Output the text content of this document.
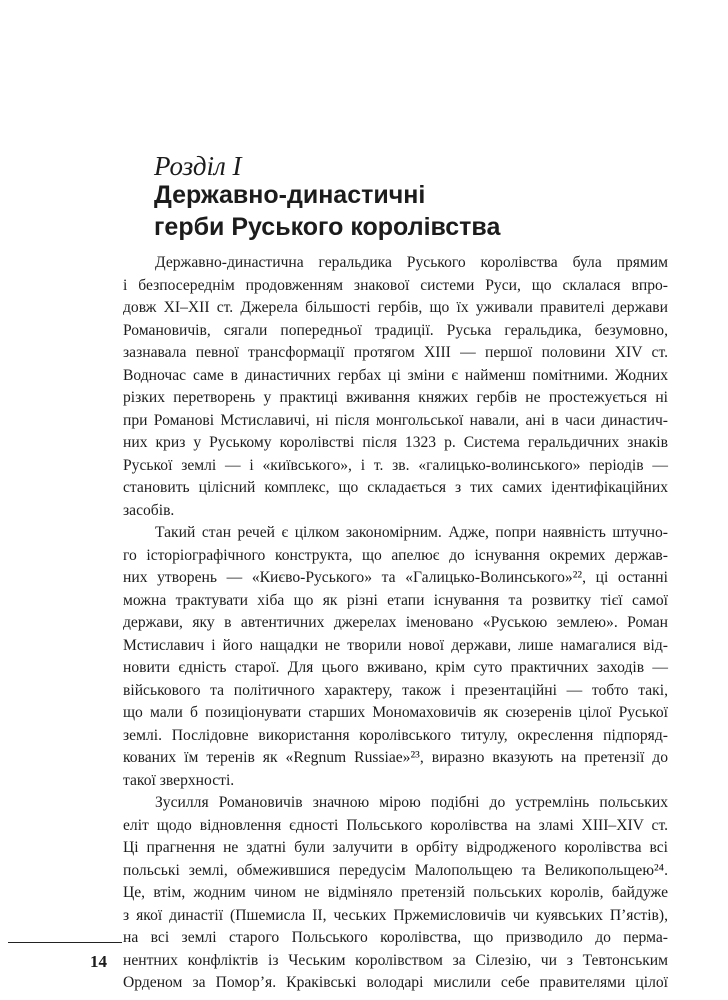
Розділ I
Державно-династичні
герби Руського королівства
Державно-династична геральдика Руського королівства була прямим
і безпосереднім продовженням знакової системи Руси, що склалася впро-
довж XI–XII ст. Джерела більшості гербів, що їх уживали правителі держави
Романовичів, сягали попередньої традиції. Руська геральдика, безумовно,
зазнавала певної трансформації протягом XIII — першої половини XIV ст.
Водночас саме в династичних гербах ці зміни є найменш помітними. Жодних
різких перетворень у практиці вживання княжих гербів не простежується ні
при Романові Мстиславичі, ні після монгольської навали, ані в часи династич-
них криз у Руському королівстві після 1323 р. Система геральдичних знаків
Руської землі — і «київського», і т. зв. «галицько-волинського» періодів —
становить цілісний комплекс, що складається з тих самих ідентифікаційних
засобів.
Такий стан речей є цілком закономірним. Адже, попри наявність штучно-
го історіографічного конструкта, що апелює до існування окремих держав-
них утворень — «Києво-Руського» та «Галицько-Волинського»²², ці останні
можна трактувати хіба що як різні етапи існування та розвитку тієї самої
держави, яку в автентичних джерелах іменовано «Руською землею». Роман
Мстиславич і його нащадки не творили нової держави, лише намагалися від-
новити єдність старої. Для цього вживано, крім суто практичних заходів —
військового та політичного характеру, також і презентаційні — тобто такі,
що мали б позиціонувати старших Мономаховичів як сюзеренів цілої Руської
землі. Послідовне використання королівського титулу, окреслення підпоряд-
кованих їм теренів як «Regnum Russiae»²³, виразно вказують на претензії до
такої зверхності.
Зусилля Романовичів значною мірою подібні до устремлінь польських
еліт щодо відновлення єдності Польського королівства на зламі XIII–XIV ст.
Ці прагнення не здатні були залучити в орбіту відродженого королівства всі
польські землі, обмежившися передусім Малопольщею та Великопольщею²⁴.
Це, втім, жодним чином не відміняло претензій польських королів, байдуже
з якої династії (Пшемисла II, чеських Пржемисловичів чи куявських П’ястів),
на всі землі старого Польського королівства, що призводило до перма-
нентних конфліктів із Чеським королівством за Сілезію, чи з Тевтонським
Орденом за Помор’я. Краківські володарі мислили себе правителями цілої
14
